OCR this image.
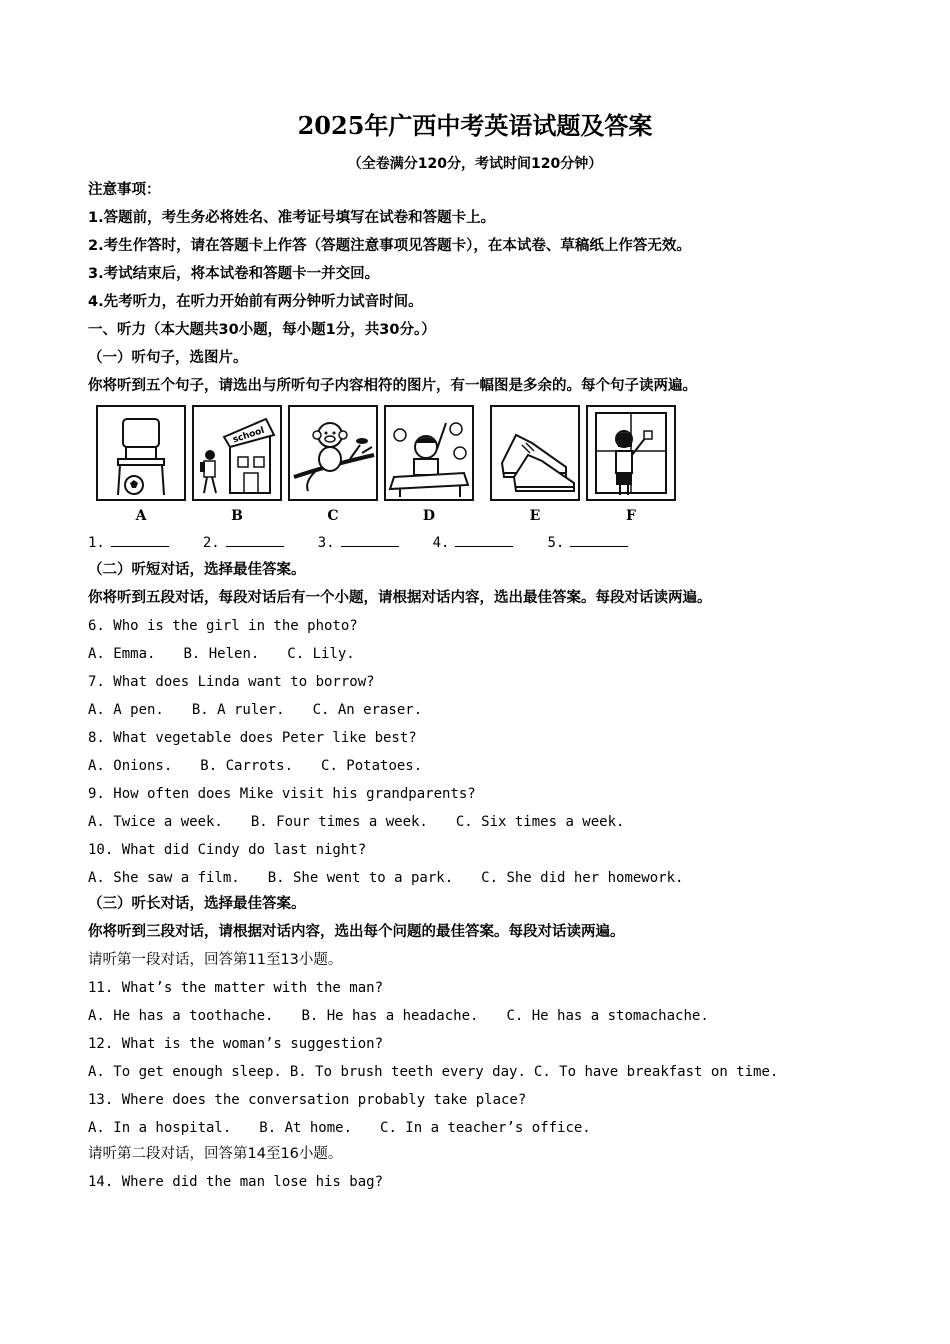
2025年广西中考英语试题及答案
（全卷满分120分，考试时间120分钟）
注意事项：
1.答题前，考生务必将姓名、准考证号填写在试卷和答题卡上。
2.考生作答时，请在答题卡上作答（答题注意事项见答题卡），在本试卷、草稿纸上作答无效。
3.考试结束后，将本试卷和答题卡一并交回。
4.先考听力，在听力开始前有两分钟听力试音时间。
一、听力（本大题共30小题，每小题1分，共30分。）
（一）听句子，选图片。
你将听到五个句子，请选出与所听句子内容相符的图片，有一幅图是多余的。每个句子读两遍。
school
A	B	C	D	E	F
1.	2.	3.	4.	5.
（二）听短对话，选择最佳答案。
你将听到五段对话，每段对话后有一个小题，请根据对话内容，选出最佳答案。每段对话读两遍。
6. Who is the girl in the photo?
A. Emma. B. Helen. C. Lily.
7. What does Linda want to borrow?
A. A pen. B. A ruler. C. An eraser.
8. What vegetable does Peter like best?
A. Onions. B. Carrots. C. Potatoes.
9. How often does Mike visit his grandparents?
A. Twice a week. B. Four times a week. C. Six times a week.
10. What did Cindy do last night?
A. She saw a film. B. She went to a park. C. She did her homework.
（三）听长对话，选择最佳答案。
你将听到三段对话，请根据对话内容，选出每个问题的最佳答案。每段对话读两遍。
请听第一段对话，回答第11至13小题。
11. What’s the matter with the man?
A. He has a toothache. B. He has a headache. C. He has a stomachache.
12. What is the woman’s suggestion?
A. To get enough sleep. B. To brush teeth every day. C. To have breakfast on time.
13. Where does the conversation probably take place?
A. In a hospital. B. At home. C. In a teacher’s office.
请听第二段对话，回答第14至16小题。
14. Where did the man lose his bag?
